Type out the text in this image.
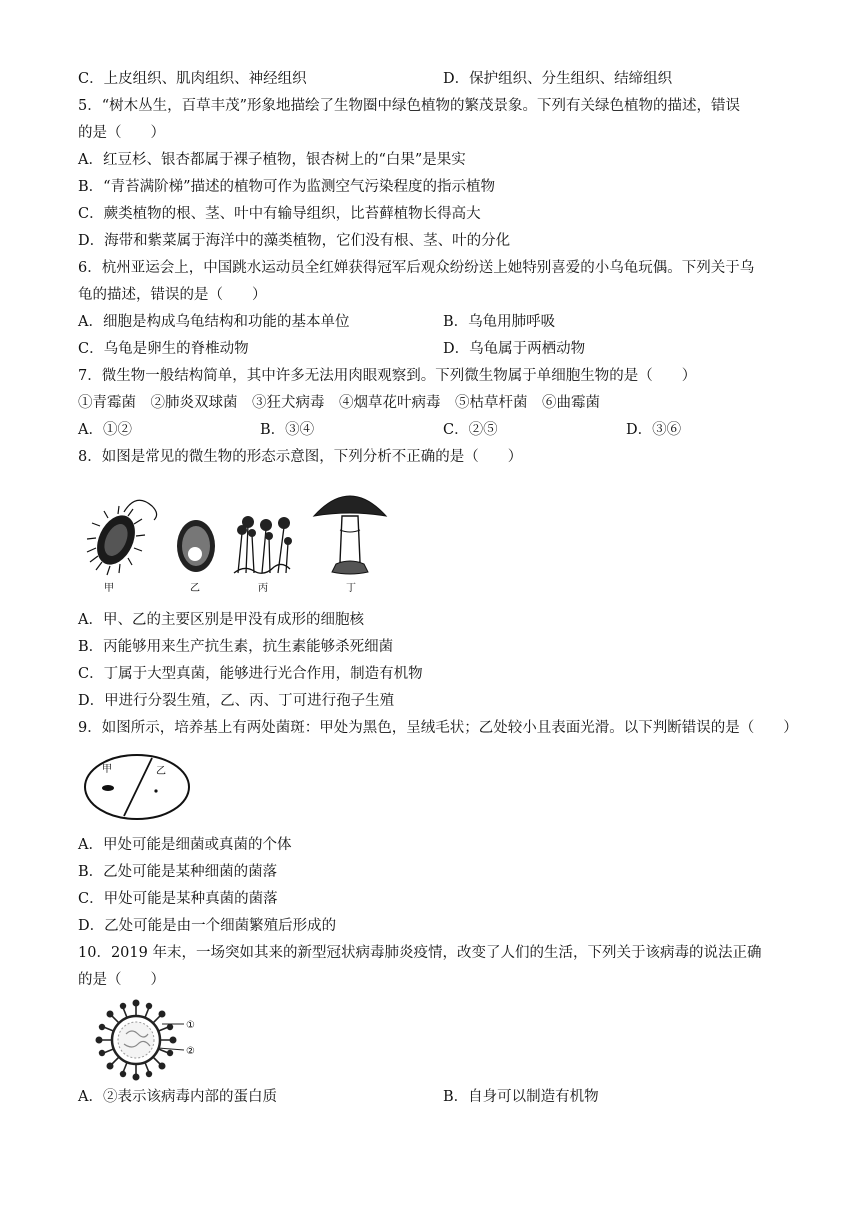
C．上皮组织、肌肉组织、神经组织	D．保护组织、分生组织、结缔组织
5．“树木丛生，百草丰茂”形象地描绘了生物圈中绿色植物的繁茂景象。下列有关绿色植物的描述，错误
的是（　　）
A．红豆杉、银杏都属于裸子植物，银杏树上的“白果”是果实
B．“青苔满阶梯”描述的植物可作为监测空气污染程度的指示植物
C．蕨类植物的根、茎、叶中有输导组织，比苔藓植物长得高大
D．海带和紫菜属于海洋中的藻类植物，它们没有根、茎、叶的分化
6．杭州亚运会上，中国跳水运动员全红婵获得冠军后观众纷纷送上她特别喜爱的小乌龟玩偶。下列关于乌
龟的描述，错误的是（　　）
A．细胞是构成乌龟结构和功能的基本单位	B．乌龟用肺呼吸
C．乌龟是卵生的脊椎动物	D．乌龟属于两栖动物
7．微生物一般结构简单，其中许多无法用肉眼观察到。下列微生物属于单细胞生物的是（　　）
①青霉菌　②肺炎双球菌　③狂犬病毒　④烟草花叶病毒　⑤枯草杆菌　⑥曲霉菌
A．①②	B．③④	C．②⑤	D．③⑥
8．如图是常见的微生物的形态示意图，下列分析不正确的是（　　）
甲	乙	丙	丁
A．甲、乙的主要区别是甲没有成形的细胞核
B．丙能够用来生产抗生素，抗生素能够杀死细菌
C．丁属于大型真菌，能够进行光合作用，制造有机物
D．甲进行分裂生殖，乙、丙、丁可进行孢子生殖
9．如图所示，培养基上有两处菌斑：甲处为黑色，呈绒毛状；乙处较小且表面光滑。以下判断错误的是（　　）
甲	乙
A．甲处可能是细菌或真菌的个体
B．乙处可能是某种细菌的菌落
C．甲处可能是某种真菌的菌落
D．乙处可能是由一个细菌繁殖后形成的
10．2019 年末，一场突如其来的新型冠状病毒肺炎疫情，改变了人们的生活，下列关于该病毒的说法正确
的是（　　）
①
②
A．②表示该病毒内部的蛋白质	B．自身可以制造有机物
